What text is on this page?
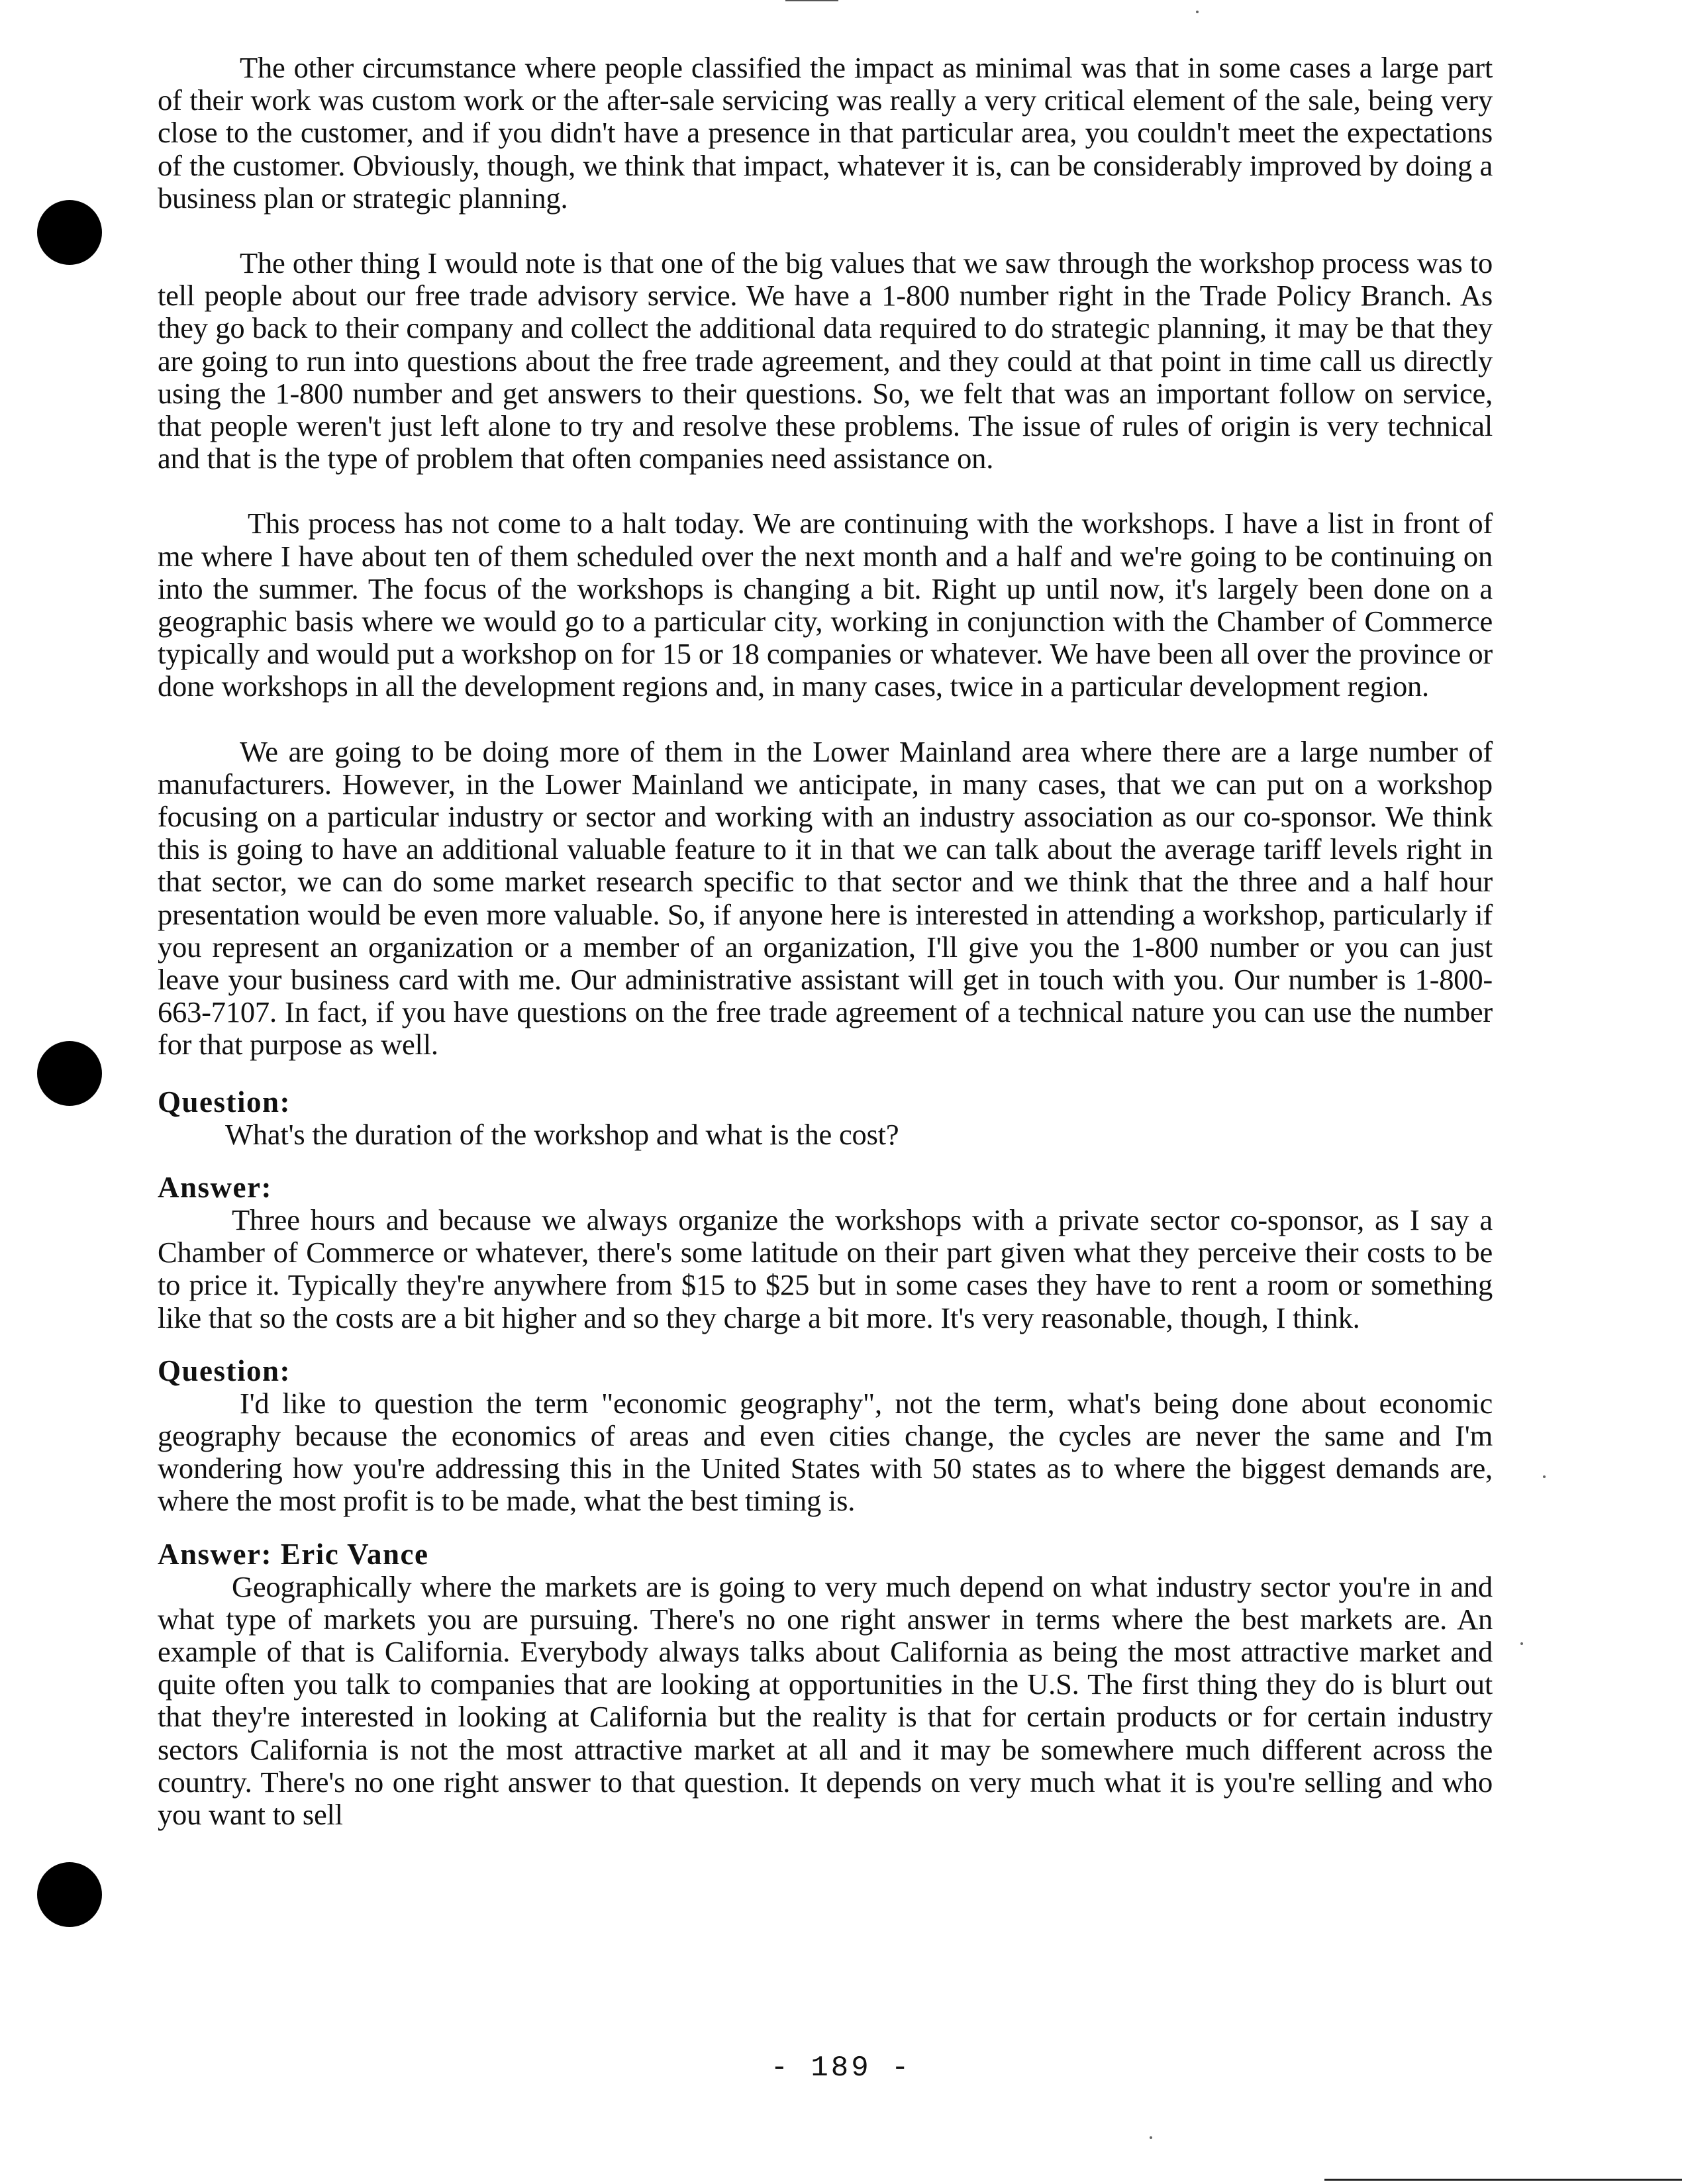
The other circumstance where people classified the impact as minimal was that in some cases a large part of their work was custom work or the after-sale servicing was really a very critical element of the sale, being very close to the customer, and if you didn't have a presence in that particular area, you couldn't meet the expectations of the customer. Obviously, though, we think that impact, whatever it is, can be considerably improved by doing a business plan or strategic planning.

The other thing I would note is that one of the big values that we saw through the workshop process was to tell people about our free trade advisory service. We have a 1-800 number right in the Trade Policy Branch. As they go back to their company and collect the additional data required to do strategic planning, it may be that they are going to run into questions about the free trade agreement, and they could at that point in time call us directly using the 1-800 number and get answers to their questions. So, we felt that was an important follow on service, that people weren't just left alone to try and resolve these problems. The issue of rules of origin is very technical and that is the type of problem that often companies need assistance on.

This process has not come to a halt today. We are continuing with the workshops. I have a list in front of me where I have about ten of them scheduled over the next month and a half and we're going to be continuing on into the summer. The focus of the workshops is changing a bit. Right up until now, it's largely been done on a geographic basis where we would go to a particular city, working in conjunction with the Chamber of Commerce typically and would put a workshop on for 15 or 18 companies or whatever. We have been all over the province or done workshops in all the development regions and, in many cases, twice in a particular development region.

We are going to be doing more of them in the Lower Mainland area where there are a large number of manufacturers. However, in the Lower Mainland we anticipate, in many cases, that we can put on a workshop focusing on a particular industry or sector and working with an industry association as our co-sponsor. We think this is going to have an additional valuable feature to it in that we can talk about the average tariff levels right in that sector, we can do some market research specific to that sector and we think that the three and a half hour presentation would be even more valuable. So, if anyone here is interested in attending a workshop, particularly if you represent an organization or a member of an organization, I'll give you the 1-800 number or you can just leave your business card with me. Our administrative assistant will get in touch with you. Our number is 1-800-663-7107. In fact, if you have questions on the free trade agreement of a technical nature you can use the number for that purpose as well.

Question:

What's the duration of the workshop and what is the cost?

Answer:

Three hours and because we always organize the workshops with a private sector co-sponsor, as I say a Chamber of Commerce or whatever, there's some latitude on their part given what they perceive their costs to be to price it. Typically they're anywhere from $15 to $25 but in some cases they have to rent a room or something like that so the costs are a bit higher and so they charge a bit more. It's very reasonable, though, I think.

Question:

I'd like to question the term "economic geography", not the term, what's being done about economic geography because the economics of areas and even cities change, the cycles are never the same and I'm wondering how you're addressing this in the United States with 50 states as to where the biggest demands are, where the most profit is to be made, what the best timing is.

Answer: Eric Vance

Geographically where the markets are is going to very much depend on what industry sector you're in and what type of markets you are pursuing. There's no one right answer in terms where the best markets are. An example of that is California. Everybody always talks about California as being the most attractive market and quite often you talk to companies that are looking at opportunities in the U.S. The first thing they do is blurt out that they're interested in looking at California but the reality is that for certain products or for certain industry sectors California is not the most attractive market at all and it may be somewhere much different across the country. There's no one right answer to that question. It depends on very much what it is you're selling and who you want to sell

- 189 -
